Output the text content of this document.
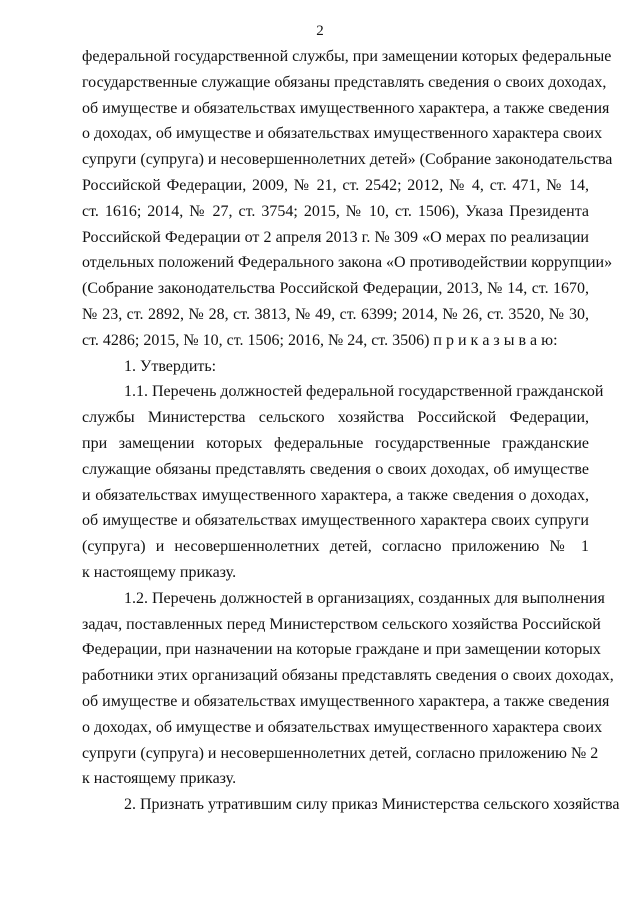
2
федеральной государственной службы, при замещении которых федеральные
государственные служащие обязаны представлять сведения о своих доходах,
об имуществе и обязательствах имущественного характера, а также сведения
о доходах, об имуществе и обязательствах имущественного характера своих
супруги (супруга) и несовершеннолетних детей» (Собрание законодательства
Российской Федерации, 2009, № 21, ст. 2542; 2012, № 4, ст. 471, № 14,
ст. 1616; 2014, № 27, ст. 3754; 2015, № 10, ст. 1506), Указа Президента
Российской Федерации от 2 апреля 2013 г. № 309 «О мерах по реализации
отдельных положений Федерального закона «О противодействии коррупции»
(Собрание законодательства Российской Федерации, 2013, № 14, ст. 1670,
№ 23, ст. 2892, № 28, ст. 3813, № 49, ст. 6399; 2014, № 26, ст. 3520, № 30,
ст. 4286; 2015, № 10, ст. 1506; 2016, № 24, ст. 3506) п р и к а з ы в а ю:
1. Утвердить:
1.1. Перечень должностей федеральной государственной гражданской
службы Министерства сельского хозяйства Российской Федерации,
при замещении которых федеральные государственные гражданские
служащие обязаны представлять сведения о своих доходах, об имуществе
и обязательствах имущественного характера, а также сведения о доходах,
об имуществе и обязательствах имущественного характера своих супруги
(супруга) и несовершеннолетних детей, согласно приложению № 1
к настоящему приказу.
1.2. Перечень должностей в организациях, созданных для выполнения
задач, поставленных перед Министерством сельского хозяйства Российской
Федерации, при назначении на которые граждане и при замещении которых
работники этих организаций обязаны представлять сведения о своих доходах,
об имуществе и обязательствах имущественного характера, а также сведения
о доходах, об имуществе и обязательствах имущественного характера своих
супруги (супруга) и несовершеннолетних детей, согласно приложению № 2
к настоящему приказу.
2. Признать утратившим силу приказ Министерства сельского хозяйства
